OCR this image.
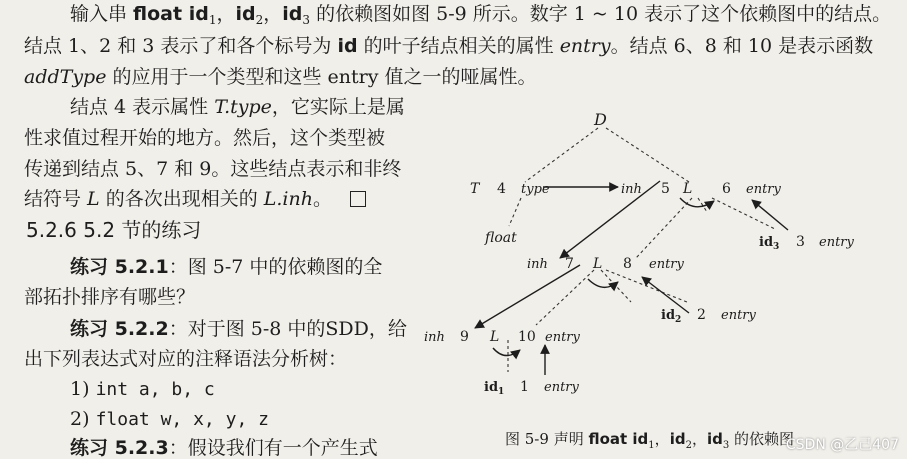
输入串 float $id_1$，$id_2$，$id_3$ 的依赖图如图 5-9 所示。数字 1 ~ 10 表示了这个依赖图中的结点。
结点 1、2 和 3 表示了和各个标号为 id 的叶子结点相关的属性 entry。结点 6、8 和 10 是表示函数
addType 的应用于一个类型和这些 entry 值之一的哑属性。
结点 4 表示属性 T.type，它实际上是属
性求值过程开始的地方。然后，这个类型被
传递到结点 5、7 和 9。这些结点表示和非终
结符号 L 的各次出现相关的 L.inh。
5.2.6 5.2 节的练习
练习 5.2.1：图 5-7 中的依赖图的全
部拓扑排序有哪些？
练习 5.2.2：对于图 5-8 中的SDD，给
出下列表达式对应的注释语法分析树：
1) int a, b, c
2) float w, x, y, z
练习 5.2.3：假设我们有一个产生式
D
T 4 type	inh 5 L 6 entry
float	$id_3$ 3 entry
inh 7 L 8 entry
$id_2$ 2 entry
inh 9 L 10 entry
$id_1$ 1 entry
图 5-9 声明 float $id_1$，$id_2$，$id_3$ 的依赖图
CSDN @乙己407
